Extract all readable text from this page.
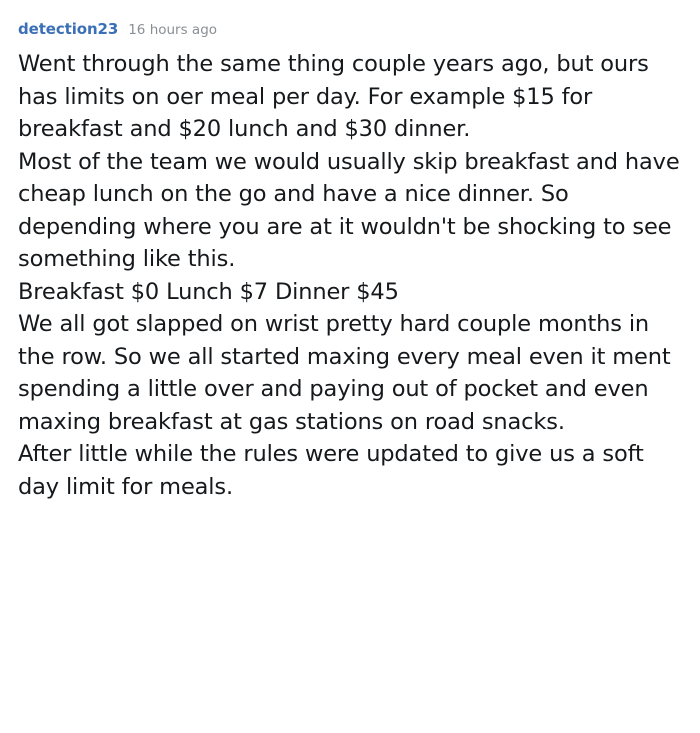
detection23 16 hours ago

Went through the same thing couple years ago, but ours has limits on oer meal per day. For example $15 for breakfast and $20 lunch and $30 dinner.

Most of the team we would usually skip breakfast and have cheap lunch on the go and have a nice dinner. So depending where you are at it wouldn't be shocking to see something like this.

Breakfast $0 Lunch $7 Dinner $45

We all got slapped on wrist pretty hard couple months in the row. So we all started maxing every meal even it ment spending a little over and paying out of pocket and even maxing breakfast at gas stations on road snacks.

After little while the rules were updated to give us a soft day limit for meals.
